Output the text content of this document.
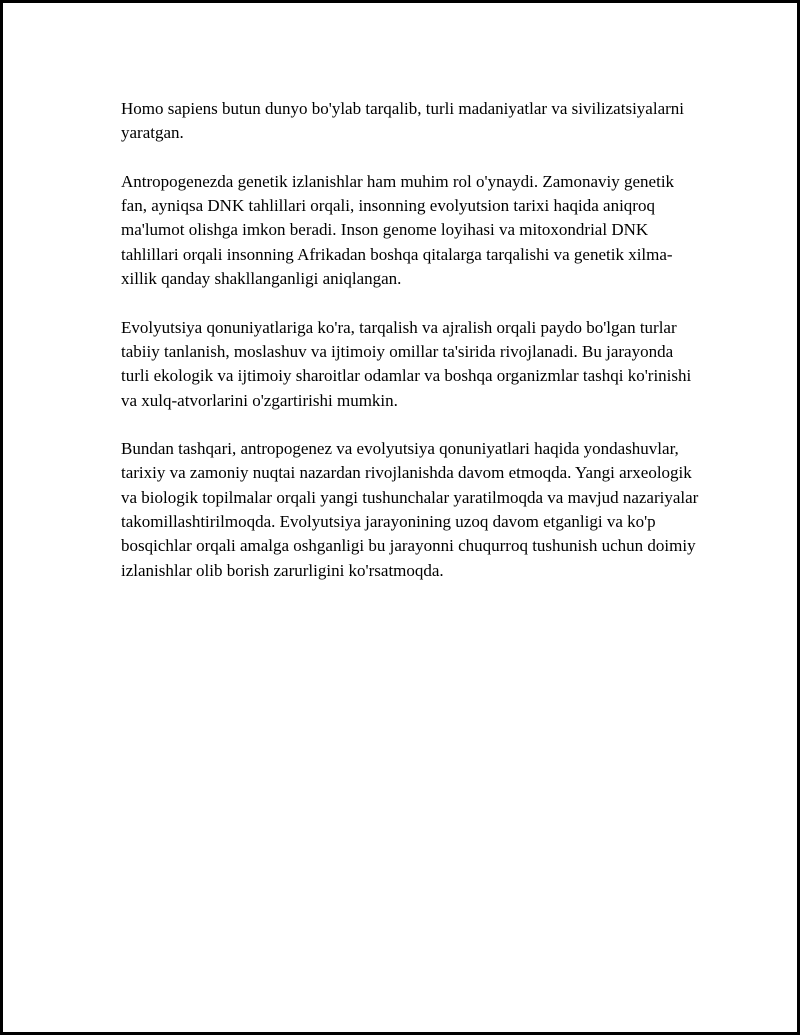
Homo sapiens butun dunyo bo'ylab tarqalib, turli madaniyatlar va sivilizatsiyalarni yaratgan.

Antropogenezda genetik izlanishlar ham muhim rol o'ynaydi. Zamonaviy genetik fan, ayniqsa DNK tahlillari orqali, insonning evolyutsion tarixi haqida aniqroq ma'lumot olishga imkon beradi. Inson genome loyihasi va mitoxondrial DNK tahlillari orqali insonning Afrikadan boshqa qitalarga tarqalishi va genetik xilma-xillik qanday shakllanganligi aniqlangan.

Evolyutsiya qonuniyatlariga ko'ra, tarqalish va ajralish orqali paydo bo'lgan turlar tabiiy tanlanish, moslashuv va ijtimoiy omillar ta'sirida rivojlanadi. Bu jarayonda turli ekologik va ijtimoiy sharoitlar odamlar va boshqa organizmlar tashqi ko'rinishi va xulq-atvorlarini o'zgartirishi mumkin.

Bundan tashqari, antropogenez va evolyutsiya qonuniyatlari haqida yondashuvlar, tarixiy va zamoniy nuqtai nazardan rivojlanishda davom etmoqda. Yangi arxeologik va biologik topilmalar orqali yangi tushunchalar yaratilmoqda va mavjud nazariyalar takomillashtirilmoqda. Evolyutsiya jarayonining uzoq davom etganligi va ko'p bosqichlar orqali amalga oshganligi bu jarayonni chuqurroq tushunish uchun doimiy izlanishlar olib borish zarurligini ko'rsatmoqda.
